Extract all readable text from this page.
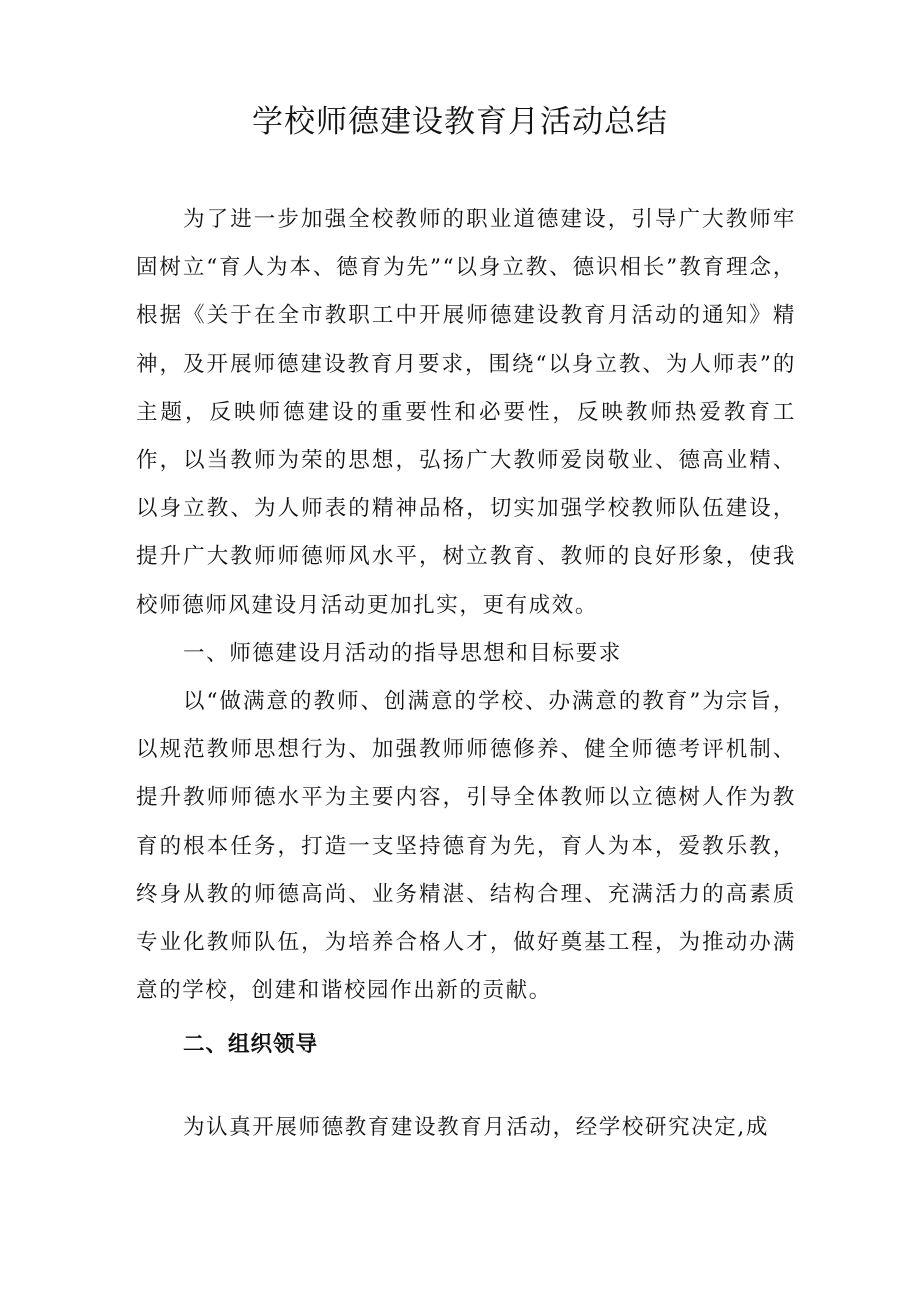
学校师德建设教育月活动总结

为了进一步加强全校教师的职业道德建设，引导广大教师牢固树立“育人为本、德育为先”“以身立教、德识相长”教育理念，根据《关于在全市教职工中开展师德建设教育月活动的通知》精神，及开展师德建设教育月要求，围绕“以身立教、为人师表”的主题，反映师德建设的重要性和必要性，反映教师热爱教育工作，以当教师为荣的思想，弘扬广大教师爱岗敬业、德高业精、以身立教、为人师表的精神品格，切实加强学校教师队伍建设，提升广大教师师德师风水平，树立教育、教师的良好形象，使我校师德师风建设月活动更加扎实，更有成效。

一、师德建设月活动的指导思想和目标要求

以“做满意的教师、创满意的学校、办满意的教育”为宗旨，以规范教师思想行为、加强教师师德修养、健全师德考评机制、提升教师师德水平为主要内容，引导全体教师以立德树人作为教育的根本任务，打造一支坚持德育为先，育人为本，爱教乐教，终身从教的师德高尚、业务精湛、结构合理、充满活力的高素质专业化教师队伍，为培养合格人才，做好奠基工程，为推动办满意的学校，创建和谐校园作出新的贡献。

二、组织领导

为认真开展师德教育建设教育月活动，经学校研究决定,成
